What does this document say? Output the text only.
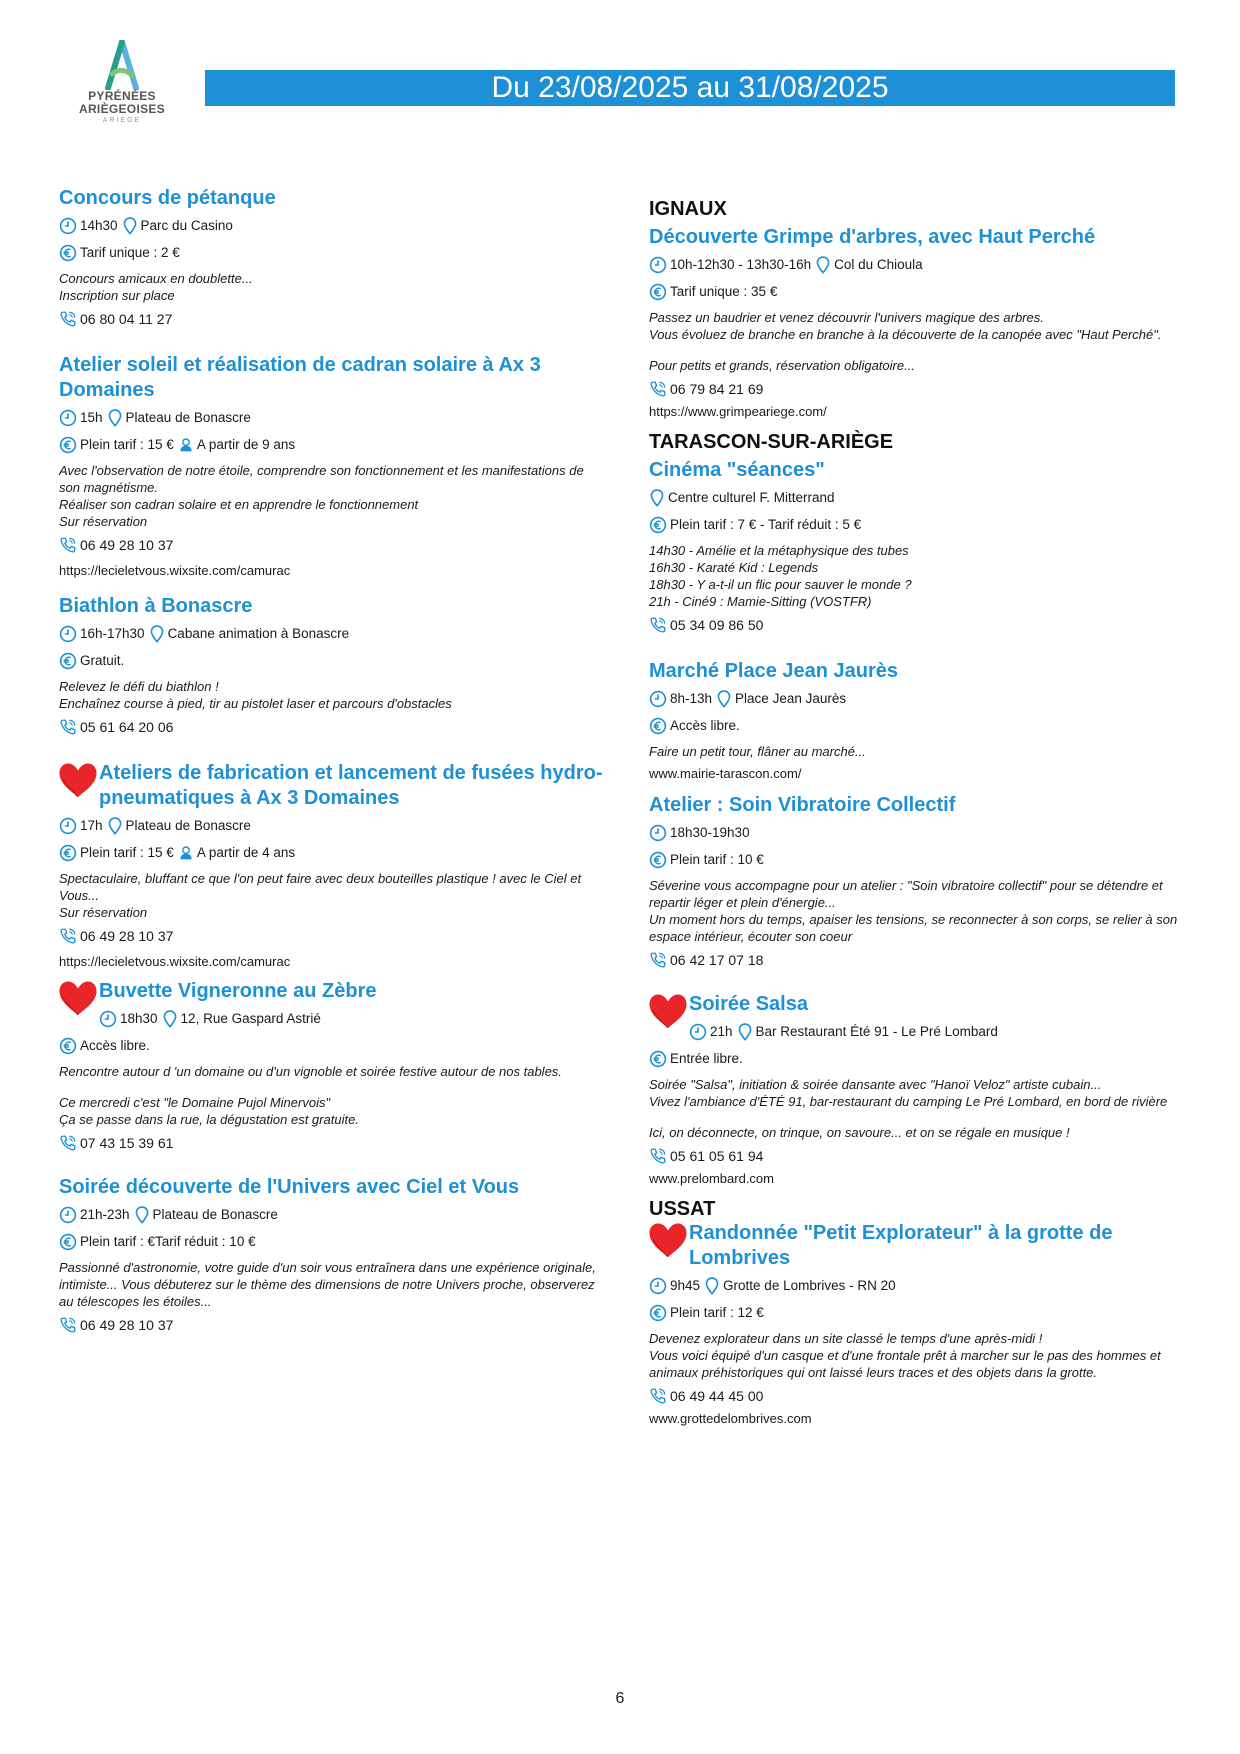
PYRÉNÉES
ARIÈGEOISES
ARIÈGE
Du 23/08/2025 au 31/08/2025
Concours de pétanque
14h30 Parc du Casino
Tarif unique : 2 €
Concours amicaux en doublette...
Inscription sur place
06 80 04 11 27
Atelier soleil et réalisation de cadran solaire à Ax 3 Domaines
15h Plateau de Bonascre
Plein tarif : 15 € A partir de 9 ans
Avec l'observation de notre étoile, comprendre son fonctionnement et les manifestations de son magnétisme.
Réaliser son cadran solaire et en apprendre le fonctionnement
Sur réservation
06 49 28 10 37
https://lecieletvous.wixsite.com/camurac
Biathlon à Bonascre
16h-17h30 Cabane animation à Bonascre
Gratuit.
Relevez le défi du biathlon !
Enchaînez course à pied, tir au pistolet laser et parcours d'obstacles
05 61 64 20 06
Ateliers de fabrication et lancement de fusées hydro-pneumatiques à Ax 3 Domaines
17h Plateau de Bonascre
Plein tarif : 15 € A partir de 4 ans
Spectaculaire, bluffant ce que l'on peut faire avec deux bouteilles plastique ! avec le Ciel et Vous...
Sur réservation
06 49 28 10 37
https://lecieletvous.wixsite.com/camurac
Buvette Vigneronne au Zèbre
18h30 12, Rue Gaspard Astrié
Accès libre.
Rencontre autour d 'un domaine ou d'un vignoble et soirée festive autour de nos tables.
Ce mercredi c'est "le Domaine Pujol Minervois"
Ça se passe dans la rue, la dégustation est gratuite.
07 43 15 39 61
Soirée découverte de l'Univers avec Ciel et Vous
21h-23h Plateau de Bonascre
Plein tarif : €Tarif réduit : 10 €
Passionné d'astronomie, votre guide d'un soir vous entraînera dans une expérience originale, intimiste... Vous débuterez sur le thème des dimensions de notre Univers proche, observerez au télescopes les étoiles...
06 49 28 10 37
IGNAUX
Découverte Grimpe d'arbres, avec Haut Perché
10h-12h30 - 13h30-16h Col du Chioula
Tarif unique : 35 €
Passez un baudrier et venez découvrir l'univers magique des arbres.
Vous évoluez de branche en branche à la découverte de la canopée avec "Haut Perché".
Pour petits et grands, réservation obligatoire...
06 79 84 21 69
https://www.grimpeariege.com/
TARASCON-SUR-ARIÈGE
Cinéma "séances"
Centre culturel F. Mitterrand
Plein tarif : 7 € - Tarif réduit : 5 €
14h30 - Amélie et la métaphysique des tubes
16h30 - Karaté Kid : Legends
18h30 - Y a-t-il un flic pour sauver le monde ?
21h - Ciné9 : Mamie-Sitting (VOSTFR)
05 34 09 86 50
Marché Place Jean Jaurès
8h-13h Place Jean Jaurès
Accès libre.
Faire un petit tour, flâner au marché...
www.mairie-tarascon.com/
Atelier : Soin Vibratoire Collectif
18h30-19h30
Plein tarif : 10 €
Séverine vous accompagne pour un atelier : "Soin vibratoire collectif" pour se détendre et repartir léger et plein d'énergie...
Un moment hors du temps, apaiser les tensions, se reconnecter à son corps, se relier à son espace intérieur, écouter son coeur
06 42 17 07 18
Soirée Salsa
21h Bar Restaurant Été 91 - Le Pré Lombard
Entrée libre.
Soirée "Salsa", initiation & soirée dansante avec "Hanoï Veloz" artiste cubain...
Vivez l'ambiance d'ÉTÉ 91, bar-restaurant du camping Le Pré Lombard, en bord de rivière
Ici, on déconnecte, on trinque, on savoure... et on se régale en musique !
05 61 05 61 94
www.prelombard.com
USSAT
Randonnée "Petit Explorateur" à la grotte de Lombrives
9h45 Grotte de Lombrives - RN 20
Plein tarif : 12 €
Devenez explorateur dans un site classé le temps d'une après-midi !
Vous voici équipé d'un casque et d'une frontale prêt à marcher sur le pas des hommes et animaux préhistoriques qui ont laissé leurs traces et des objets dans la grotte.
06 49 44 45 00
www.grottedelombrives.com
6
